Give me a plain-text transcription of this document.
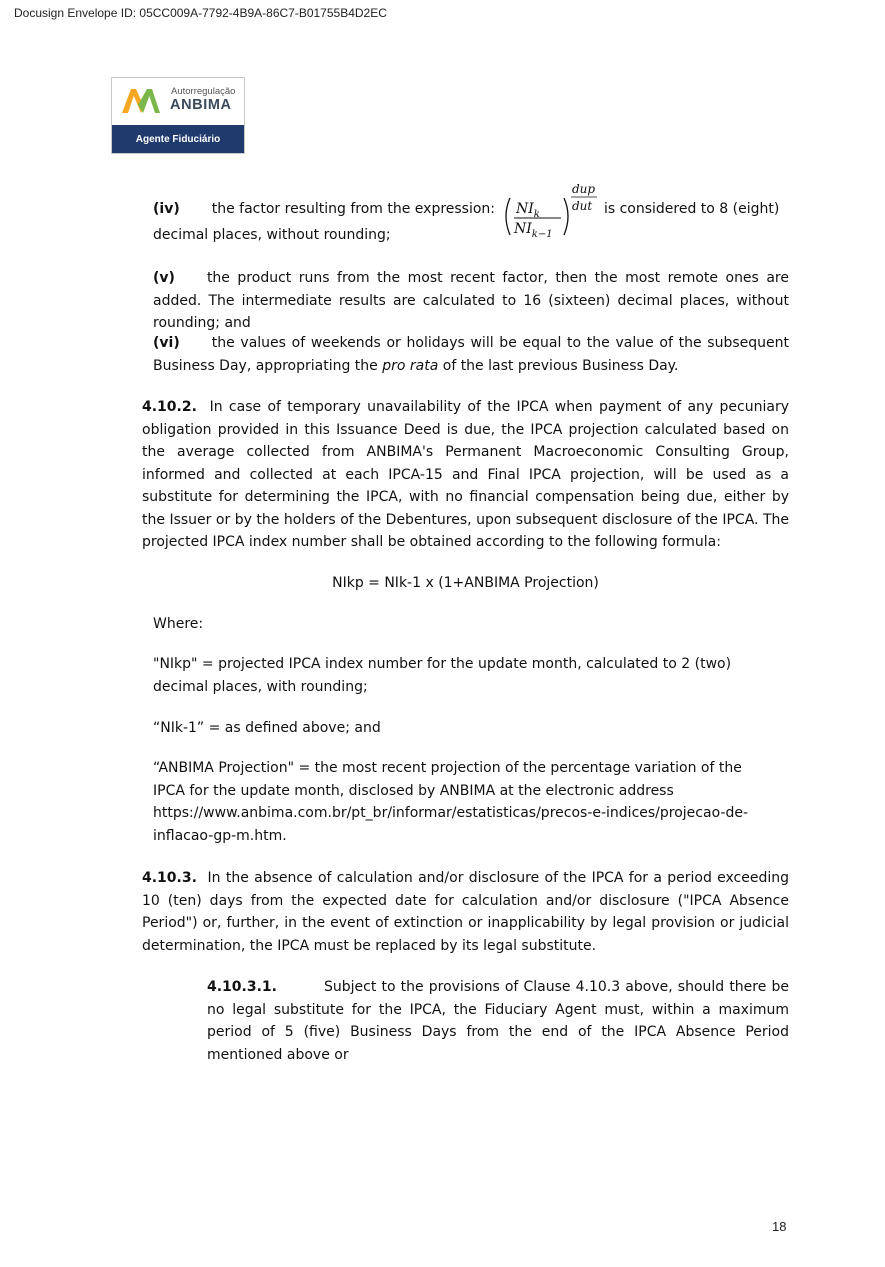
Docusign Envelope ID: 05CC009A-7792-4B9A-86C7-B01755B4D2EC
Autorregulação
ANBIMA
Agente Fiduciário
(iv) the factor resulting from the expression: $NI_k$
$NI_{k-1}$
dup
dut is considered to 8 (eight)
decimal places, without rounding;

(v) the product runs from the most recent factor, then the most remote ones are added. The intermediate results are calculated to 16 (sixteen) decimal places, without rounding; and

(vi) the values of weekends or holidays will be equal to the value of the subsequent Business Day, appropriating the pro rata of the last previous Business Day.

4.10.2. In case of temporary unavailability of the IPCA when payment of any pecuniary obligation provided in this Issuance Deed is due, the IPCA projection calculated based on the average collected from ANBIMA's Permanent Macroeconomic Consulting Group, informed and collected at each IPCA-15 and Final IPCA projection, will be used as a substitute for determining the IPCA, with no financial compensation being due, either by the Issuer or by the holders of the Debentures, upon subsequent disclosure of the IPCA. The projected IPCA index number shall be obtained according to the following formula:

NIkp = NIk-1 x (1+ANBIMA Projection)

Where:

"NIkp" = projected IPCA index number for the update month, calculated to 2 (two) decimal places, with rounding;

“NIk-1” = as defined above; and

“ANBIMA Projection" = the most recent projection of the percentage variation of the IPCA for the update month, disclosed by ANBIMA at the electronic address
https://www.anbima.com.br/pt_br/informar/estatisticas/precos-e-indices/projecao-de-
inflacao-gp-m.htm.

4.10.3. In the absence of calculation and/or disclosure of the IPCA for a period exceeding 10 (ten) days from the expected date for calculation and/or disclosure ("IPCA Absence Period") or, further, in the event of extinction or inapplicability by legal provision or judicial determination, the IPCA must be replaced by its legal substitute.

4.10.3.1.	Subject to the provisions of Clause 4.10.3 above, should there be no legal substitute for the IPCA, the Fiduciary Agent must, within a maximum period of 5 (five) Business Days from the end of the IPCA Absence Period mentioned above or

18
